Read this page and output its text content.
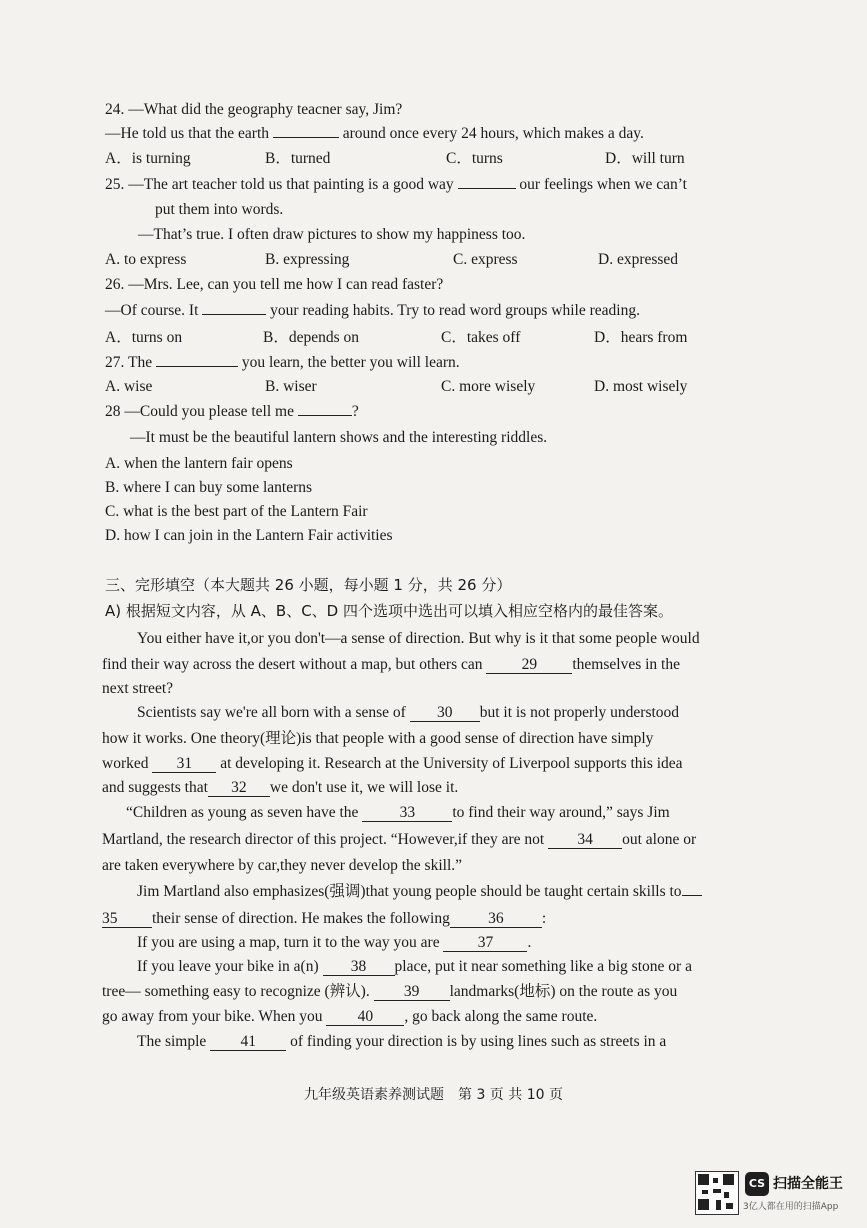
24. —What did the geography teacner say, Jim?
—He told us that the earth	around once every 24 hours, which makes a day.
A．is turning	B．turned	C．turns	D．will turn
25. —The art teacher told us that painting is a good way	our feelings when we can’t
put them into words.
—That’s true. I often draw pictures to show my happiness too.
A. to express	B. expressing	C. express	D. expressed
26. —Mrs. Lee, can you tell me how I can read faster?
—Of course. It	your reading habits. Try to read word groups while reading.
A．turns on	B．depends on	C．takes off	D．hears from
27. The	you learn, the better you will learn.
A. wise	B. wiser	C. more wisely	D. most wisely
28 —Could you please tell me	?
—It must be the beautiful lantern shows and the interesting riddles.
A. when the lantern fair opens
B. where I can buy some lanterns
C. what is the best part of the Lantern Fair
D. how I can join in the Lantern Fair activities
三、完形填空（本大题共 26 小题，每小题 1 分，共 26 分）
A) 根据短文内容，从 A、B、C、D 四个选项中选出可以填入相应空格内的最佳答案。
You either have it,or you don't—a sense of direction. But why is it that some people would
find their way across the desert without a map, but others can	29 themselves in the
next street?
Scientists say we're all born with a sense of 30 but it is not properly understood
how it works. One theory(理论)is that people with a good sense of direction have simply
worked 31 at developing it. Research at the University of Liverpool supports this idea
and suggests that 32 we don't use it, we will lose it.
“Children as young as seven have the	33 to find their way around,” says Jim
Martland, the research director of this project. “However,if they are not 34 out alone or
are taken everywhere by car,they never develop the skill.”
Jim Martland also emphasizes(强调)that young people should be taught certain skills to
35 their sense of direction. He makes the following 36 :
If you are using a map, turn it to the way you are 37 .
If you leave your bike in a(n) 38 place, put it near something like a big stone or a
tree— something easy to recognize (辨认). 39 landmarks(地标) on the route as you
go away from your bike. When you 40 , go back along the same route.
The simple 41 of finding your direction is by using lines such as streets in a
九年级英语素养测试题　第 3 页 共 10 页
CS 扫描全能王
3亿人都在用的扫描App
